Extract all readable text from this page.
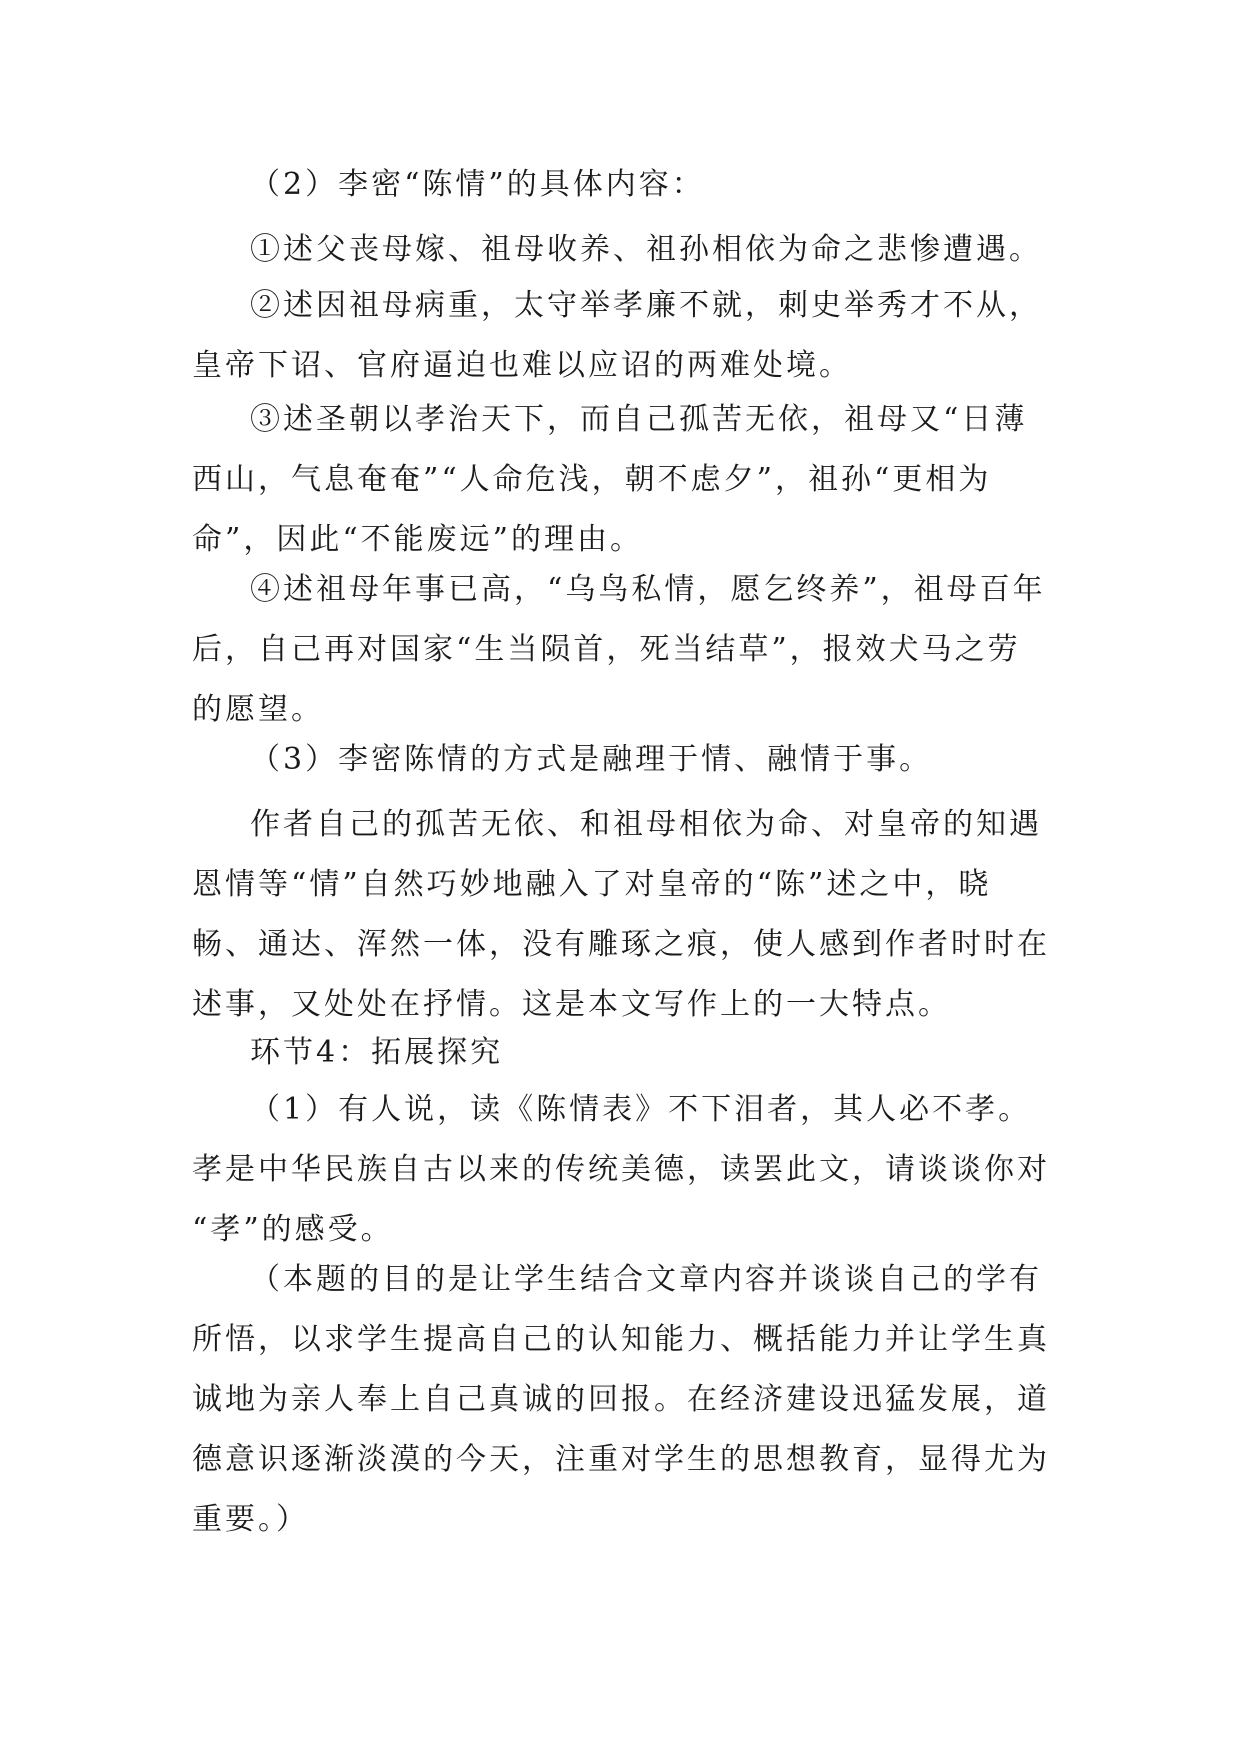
（2）李密“陈情”的具体内容：

①述父丧母嫁、祖母收养、祖孙相依为命之悲惨遭遇。

②述因祖母病重，太守举孝廉不就，刺史举秀才不从，
皇帝下诏、官府逼迫也难以应诏的两难处境。

③述圣朝以孝治天下，而自己孤苦无依，祖母又“日薄
西山，气息奄奄”“人命危浅，朝不虑夕”，祖孙“更相为
命”，因此“不能废远”的理由。

④述祖母年事已高，“乌鸟私情，愿乞终养”，祖母百年
后，自己再对国家“生当陨首，死当结草”，报效犬马之劳
的愿望。

（3）李密陈情的方式是融理于情、融情于事。

作者自己的孤苦无依、和祖母相依为命、对皇帝的知遇
恩情等“情”自然巧妙地融入了对皇帝的“陈”述之中，晓
畅、通达、浑然一体，没有雕琢之痕，使人感到作者时时在
述事，又处处在抒情。这是本文写作上的一大特点。

环节4：拓展探究

（1）有人说，读《陈情表》不下泪者，其人必不孝。
孝是中华民族自古以来的传统美德，读罢此文，请谈谈你对
“孝”的感受。

（本题的目的是让学生结合文章内容并谈谈自己的学有
所悟，以求学生提高自己的认知能力、概括能力并让学生真
诚地为亲人奉上自己真诚的回报。在经济建设迅猛发展，道
德意识逐渐淡漠的今天，注重对学生的思想教育，显得尤为
重要。）
